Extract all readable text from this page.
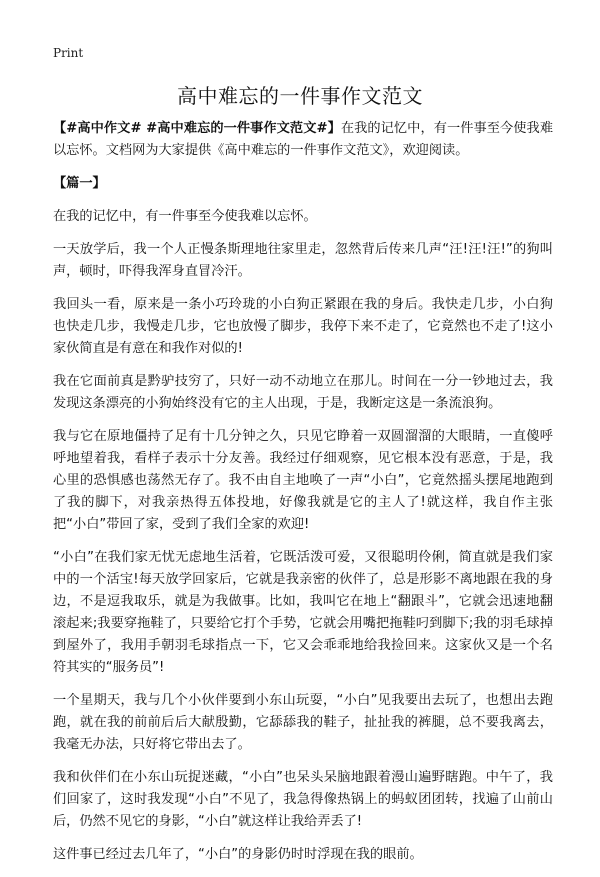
Print
高中难忘的一件事作文范文

【#高中作文# #高中难忘的一件事作文范文#】在我的记忆中，有一件事至今使我难以忘怀。文档网为大家提供《高中难忘的一件事作文范文》，欢迎阅读。

【篇一】

在我的记忆中，有一件事至今使我难以忘怀。

一天放学后，我一个人正慢条斯理地往家里走，忽然背后传来几声“汪!汪!汪!”的狗叫声，顿时，吓得我浑身直冒冷汗。

我回头一看，原来是一条小巧玲珑的小白狗正紧跟在我的身后。我快走几步，小白狗也快走几步，我慢走几步，它也放慢了脚步，我停下来不走了，它竟然也不走了!这小家伙简直是有意在和我作对似的!

我在它面前真是黔驴技穷了，只好一动不动地立在那儿。时间在一分一钞地过去，我发现这条漂亮的小狗始终没有它的主人出现，于是，我断定这是一条流浪狗。

我与它在原地僵持了足有十几分钟之久，只见它睁着一双圆溜溜的大眼睛，一直傻呼呼地望着我，看样子表示十分友善。我经过仔细观察，见它根本没有恶意，于是，我心里的恐惧感也荡然无存了。我不由自主地唤了一声“小白”，它竟然摇头摆尾地跑到了我的脚下，对我亲热得五体投地，好像我就是它的主人了!就这样，我自作主张把“小白”带回了家，受到了我们全家的欢迎!

“小白”在我们家无忧无虑地生活着，它既活泼可爱，又很聪明伶俐，简直就是我们家中的一个活宝!每天放学回家后，它就是我亲密的伙伴了，总是形影不离地跟在我的身边，不是逗我取乐，就是为我做事。比如，我叫它在地上“翻跟斗”，它就会迅速地翻滚起来;我要穿拖鞋了，只要给它打个手势，它就会用嘴把拖鞋叼到脚下;我的羽毛球掉到屋外了，我用手朝羽毛球指点一下，它又会乖乖地给我捡回来。这家伙又是一个名符其实的“服务员”!

一个星期天，我与几个小伙伴要到小东山玩耍，“小白”见我要出去玩了，也想出去跑跑，就在我的前前后后大献殷勤，它舔舔我的鞋子，扯扯我的裤腿，总不要我离去，我毫无办法，只好将它带出去了。

我和伙伴们在小东山玩捉迷藏，“小白”也呆头呆脑地跟着漫山遍野瞎跑。中午了，我们回家了，这时我发现“小白”不见了，我急得像热锅上的蚂蚁团团转，找遍了山前山后，仍然不见它的身影，“小白”就这样让我给弄丢了!

这件事已经过去几年了，“小白”的身影仍时时浮现在我的眼前。
